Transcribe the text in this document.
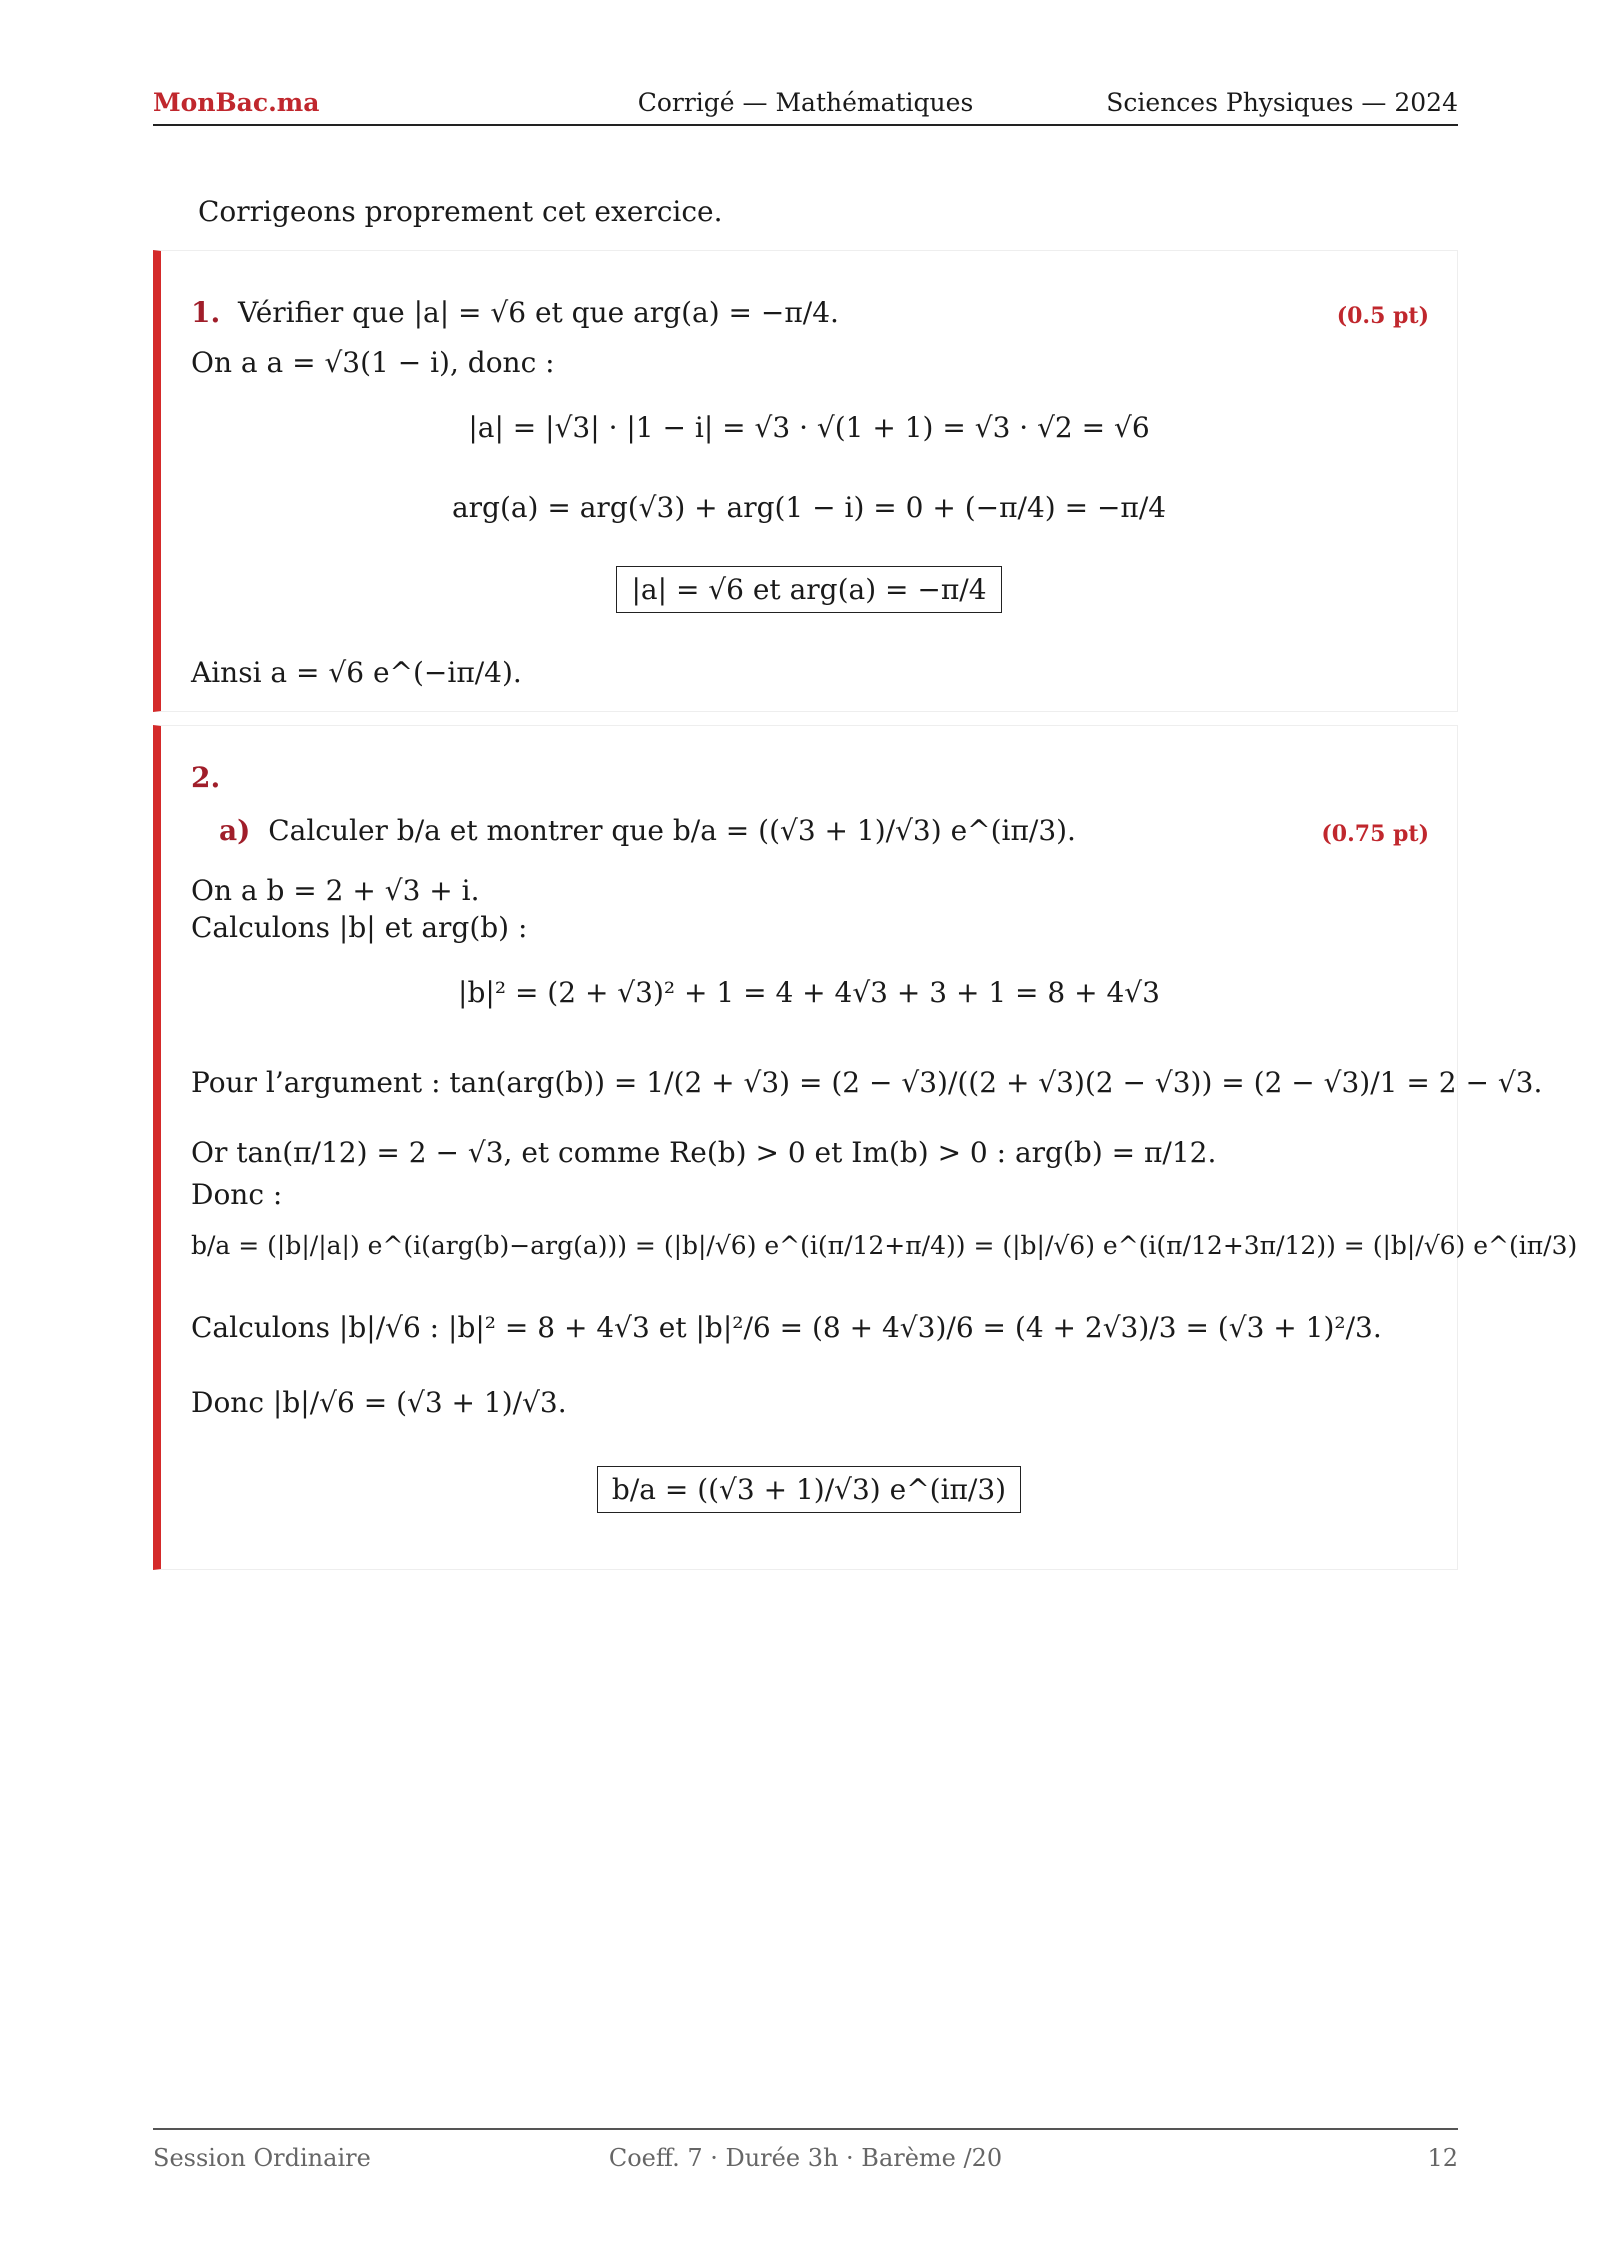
MonBac.ma	Corrigé — Mathématiques	Sciences Physiques — 2024
Corrigeons proprement cet exercice.
1. Vérifier que |a| = √6 et que arg(a) = −π/4.	(0.5 pt)
On a a = √3(1 − i), donc :
|a| = |√3| · |1 − i| = √3 · √(1 + 1) = √3 · √2 = √6
arg(a) = arg(√3) + arg(1 − i) = 0 + (−π/4) = −π/4
|a| = √6 et arg(a) = −π/4
Ainsi a = √6 e^(−iπ/4).
2.
a) Calculer b/a et montrer que b/a = ((√3 + 1)/√3) e^(iπ/3).	(0.75 pt)
On a b = 2 + √3 + i.
Calculons |b| et arg(b) :
|b|² = (2 + √3)² + 1 = 4 + 4√3 + 3 + 1 = 8 + 4√3
Pour l’argument : tan(arg(b)) = 1/(2 + √3) = (2 − √3)/((2 + √3)(2 − √3)) = (2 − √3)/1 = 2 − √3.
Or tan(π/12) = 2 − √3, et comme Re(b) > 0 et Im(b) > 0 : arg(b) = π/12.
Donc :
b/a = (|b|/|a|) e^(i(arg(b)−arg(a))) = (|b|/√6) e^(i(π/12+π/4)) = (|b|/√6) e^(i(π/12+3π/12)) = (|b|/√6) e^(iπ/3)
Calculons |b|/√6 : |b|² = 8 + 4√3 et |b|²/6 = (8 + 4√3)/6 = (4 + 2√3)/3 = (√3 + 1)²/3.
Donc |b|/√6 = (√3 + 1)/√3.
b/a = ((√3 + 1)/√3) e^(iπ/3)
Session Ordinaire	Coeff. 7 · Durée 3h · Barème /20	12
